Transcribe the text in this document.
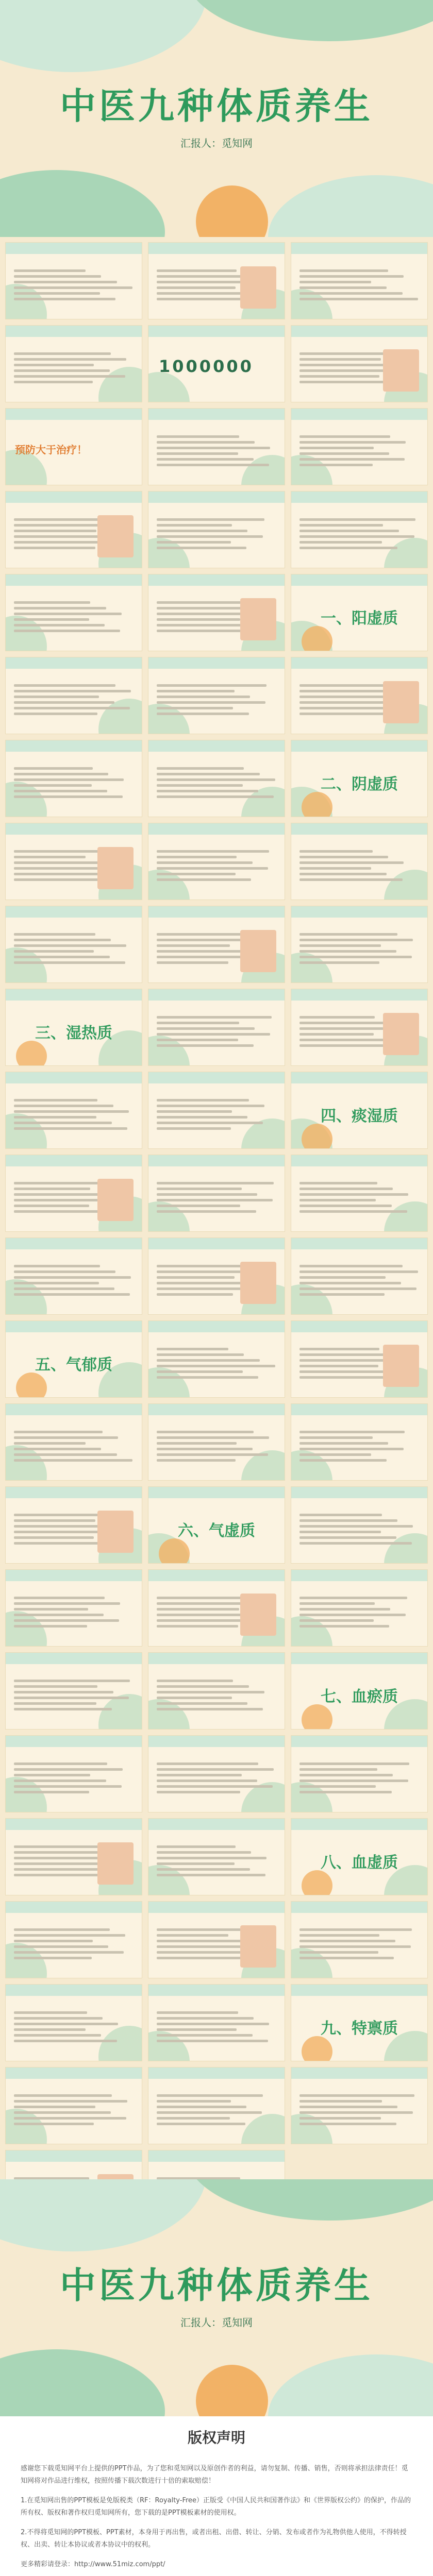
中医九种体质养生
汇报人：觅知网
1000000
预防大于治疗！
一、阳虚质
二、阴虚质
三、湿热质
四、痰湿质
五、气郁质
六、气虚质
七、血瘀质
八、血虚质
九、特禀质
中医九种体质养生
汇报人：觅知网
版权声明

感谢您下载觅知网平台上提供的PPT作品，为了您和觅知网以及原创作者的利益，请勿复制、传播、销售，否则将承担法律责任！觅知网将对作品进行维权，按照传播下载次数进行十倍的索取赔偿！

1.在觅知网出售的PPT模板是免版税类（RF：Royalty-Free）正版受《中国人民共和国著作法》和《世界版权公约》的保护，作品的所有权、版权和著作权归觅知网所有，您下载的是PPT模板素材的使用权。

2.不得将觅知网的PPT模板、PPT素材，本身用于再出售，或者出租、出借、转让、分销、发布或者作为礼物供他人使用，不得转授权、出卖、转让本协议或者本协议中的权利。

更多精彩请登录：http://www.51miz.com/ppt/
